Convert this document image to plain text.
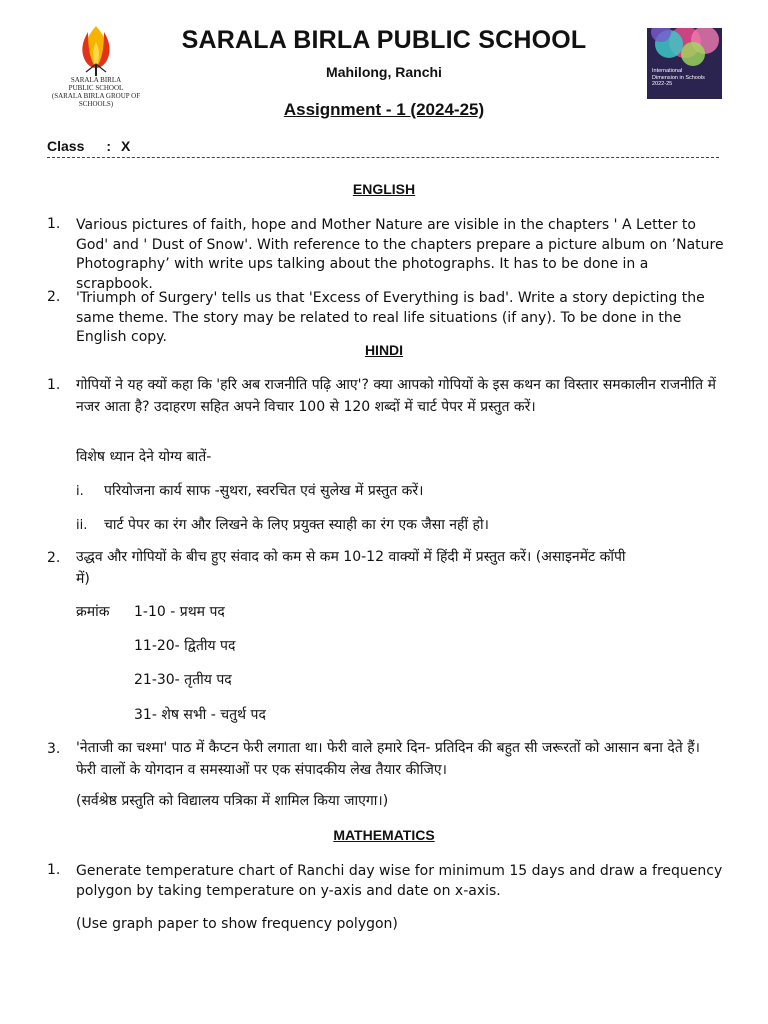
SARALA BIRLA
PUBLIC SCHOOL
(SARALA BIRLA GROUP OF SCHOOLS)
International
Dimension in Schools
2022-25
SARALA BIRLA PUBLIC SCHOOL
Mahilong, Ranchi
Assignment - 1 (2024-25)
Class : X
ENGLISH
1. Various pictures of faith, hope and Mother Nature are visible in the chapters ' A Letter to God' and ' Dust of Snow'. With reference to the chapters prepare a picture album on ’Nature Photography’ with write ups talking about the photographs. It has to be done in a scrapbook.
2. 'Triumph of Surgery' tells us that 'Excess of Everything is bad'. Write a story depicting the same theme. The story may be related to real life situations (if any). To be done in the English copy.
HINDI
1. गोपियों ने यह क्यों कहा कि 'हरि अब राजनीति पढ़ि आए'? क्या आपको गोपियों के इस कथन का विस्तार समकालीन राजनीति में नजर आता है? उदाहरण सहित अपने विचार 100 से 120 शब्दों में चार्ट पेपर में प्रस्तुत करें।
विशेष ध्यान देने योग्य बातें-
i. परियोजना कार्य साफ -सुथरा, स्वरचित एवं सुलेख में प्रस्तुत करें।
ii. चार्ट पेपर का रंग और लिखने के लिए प्रयुक्त स्याही का रंग एक जैसा नहीं हो।
2. उद्धव और गोपियों के बीच हुए संवाद को कम से कम 10-12 वाक्यों में हिंदी में प्रस्तुत करें। (असाइनमेंट कॉपी में)
क्रमांक 1-10 - प्रथम पद
11-20- द्वितीय पद
21-30- तृतीय पद
31- शेष सभी - चतुर्थ पद
3. 'नेताजी का चश्मा' पाठ में कैप्टन फेरी लगाता था। फेरी वाले हमारे दिन- प्रतिदिन की बहुत सी जरूरतों को आसान बना देते हैं। फेरी वालों के योगदान व समस्याओं पर एक संपादकीय लेख तैयार कीजिए।
(सर्वश्रेष्ठ प्रस्तुति को विद्यालय पत्रिका में शामिल किया जाएगा।)
MATHEMATICS
1. Generate temperature chart of Ranchi day wise for minimum 15 days and draw a frequency polygon by taking temperature on y-axis and date on x-axis.
(Use graph paper to show frequency polygon)
